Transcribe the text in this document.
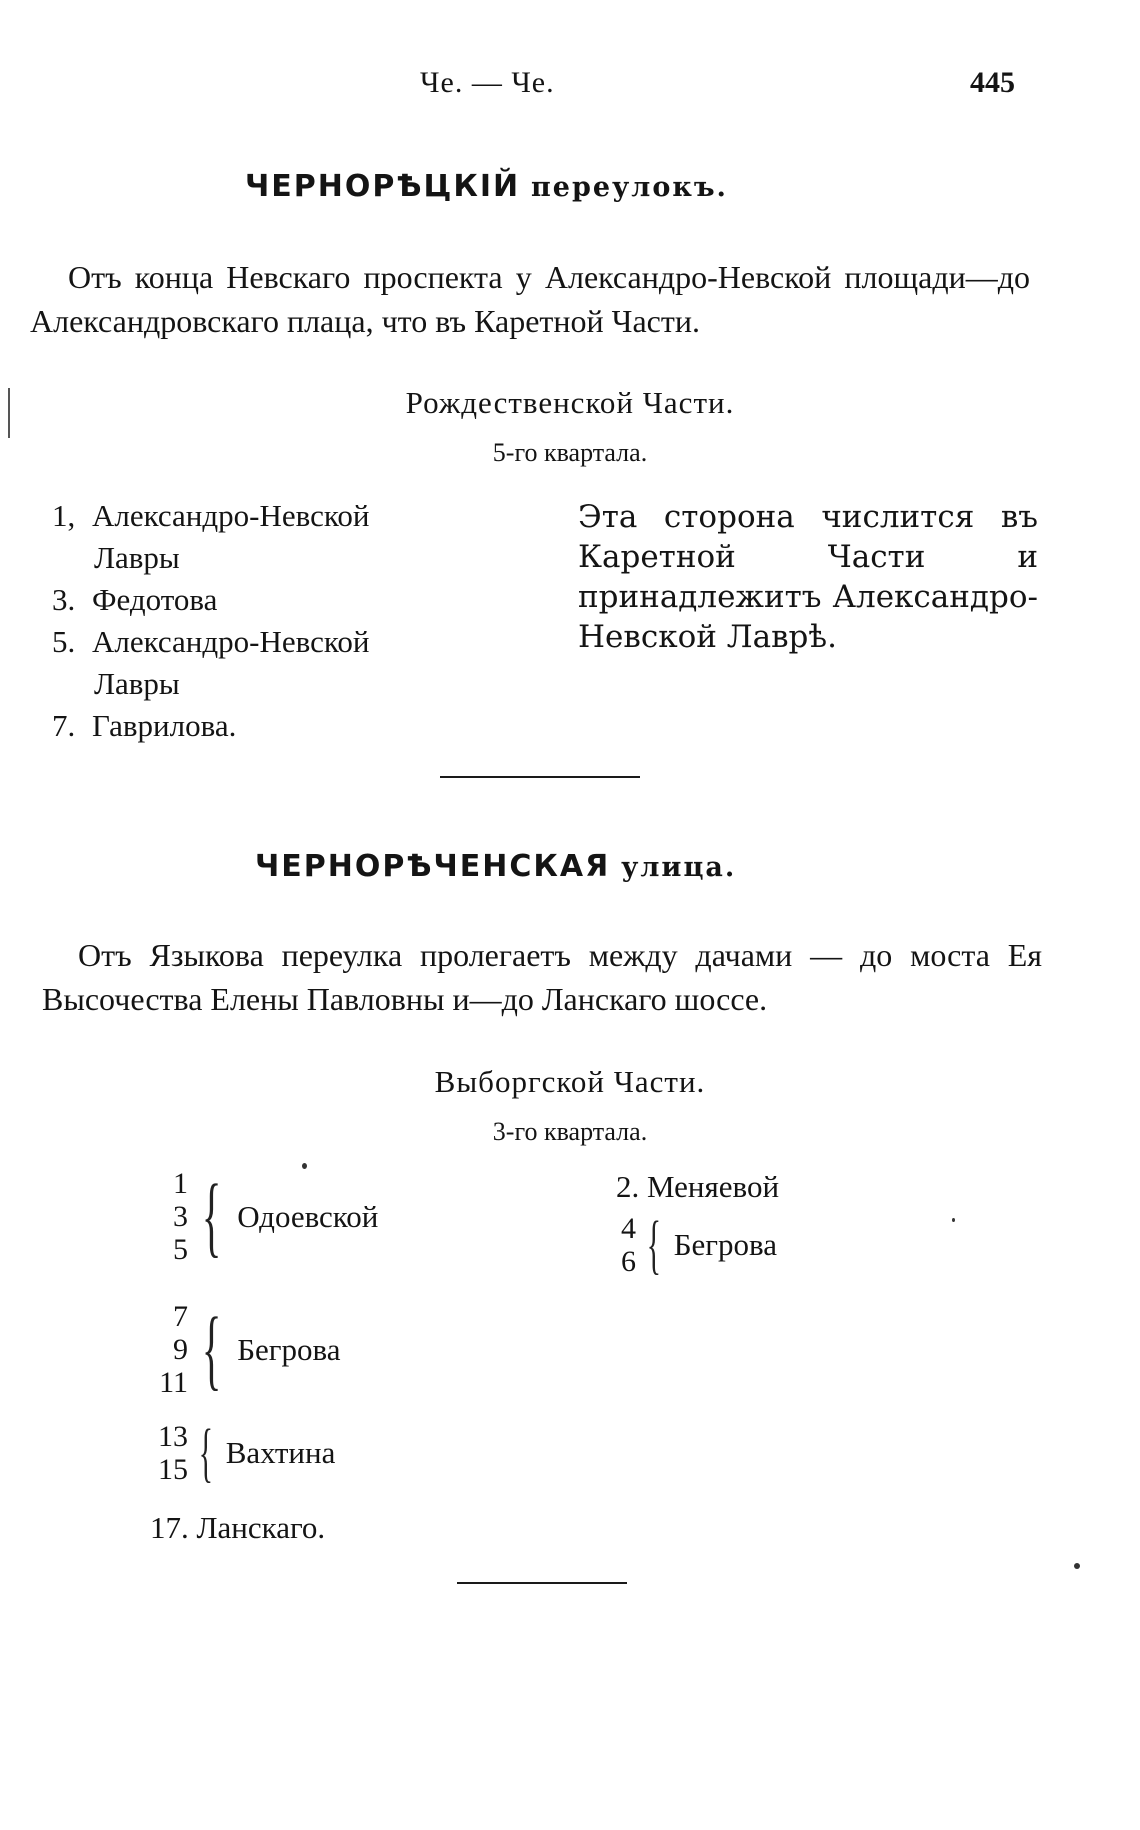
Че. — Че.	445
ЧЕРНОРѢЦКІЙ переулокъ.
Отъ конца Невскаго проспекта у Александро-Невской площади—до Александровскаго плаца, что въ Каретной Части.
Рождественской Части.
5-го квартала.
1, Александро-Невской
Лавры
3. Федотова
5. Александро-Невской
Лавры
7. Гаврилова.
Эта сторона числится въ Каретной Части и принадлежитъ Александро-Невской Лаврѣ.
ЧЕРНОРѢЧЕНСКАЯ улица.
Отъ Языкова переулка пролегаетъ между дачами — до моста Ея Высочества Елены Павловны и—до Ланскаго шоссе.
Выборгской Части.
3-го квартала.
1
3
5 { Одоевской
7
9
11 { Бегрова
13
15 { Вахтина
17. Ланскаго.
2. Меняевой
4
6 { Бегрова
